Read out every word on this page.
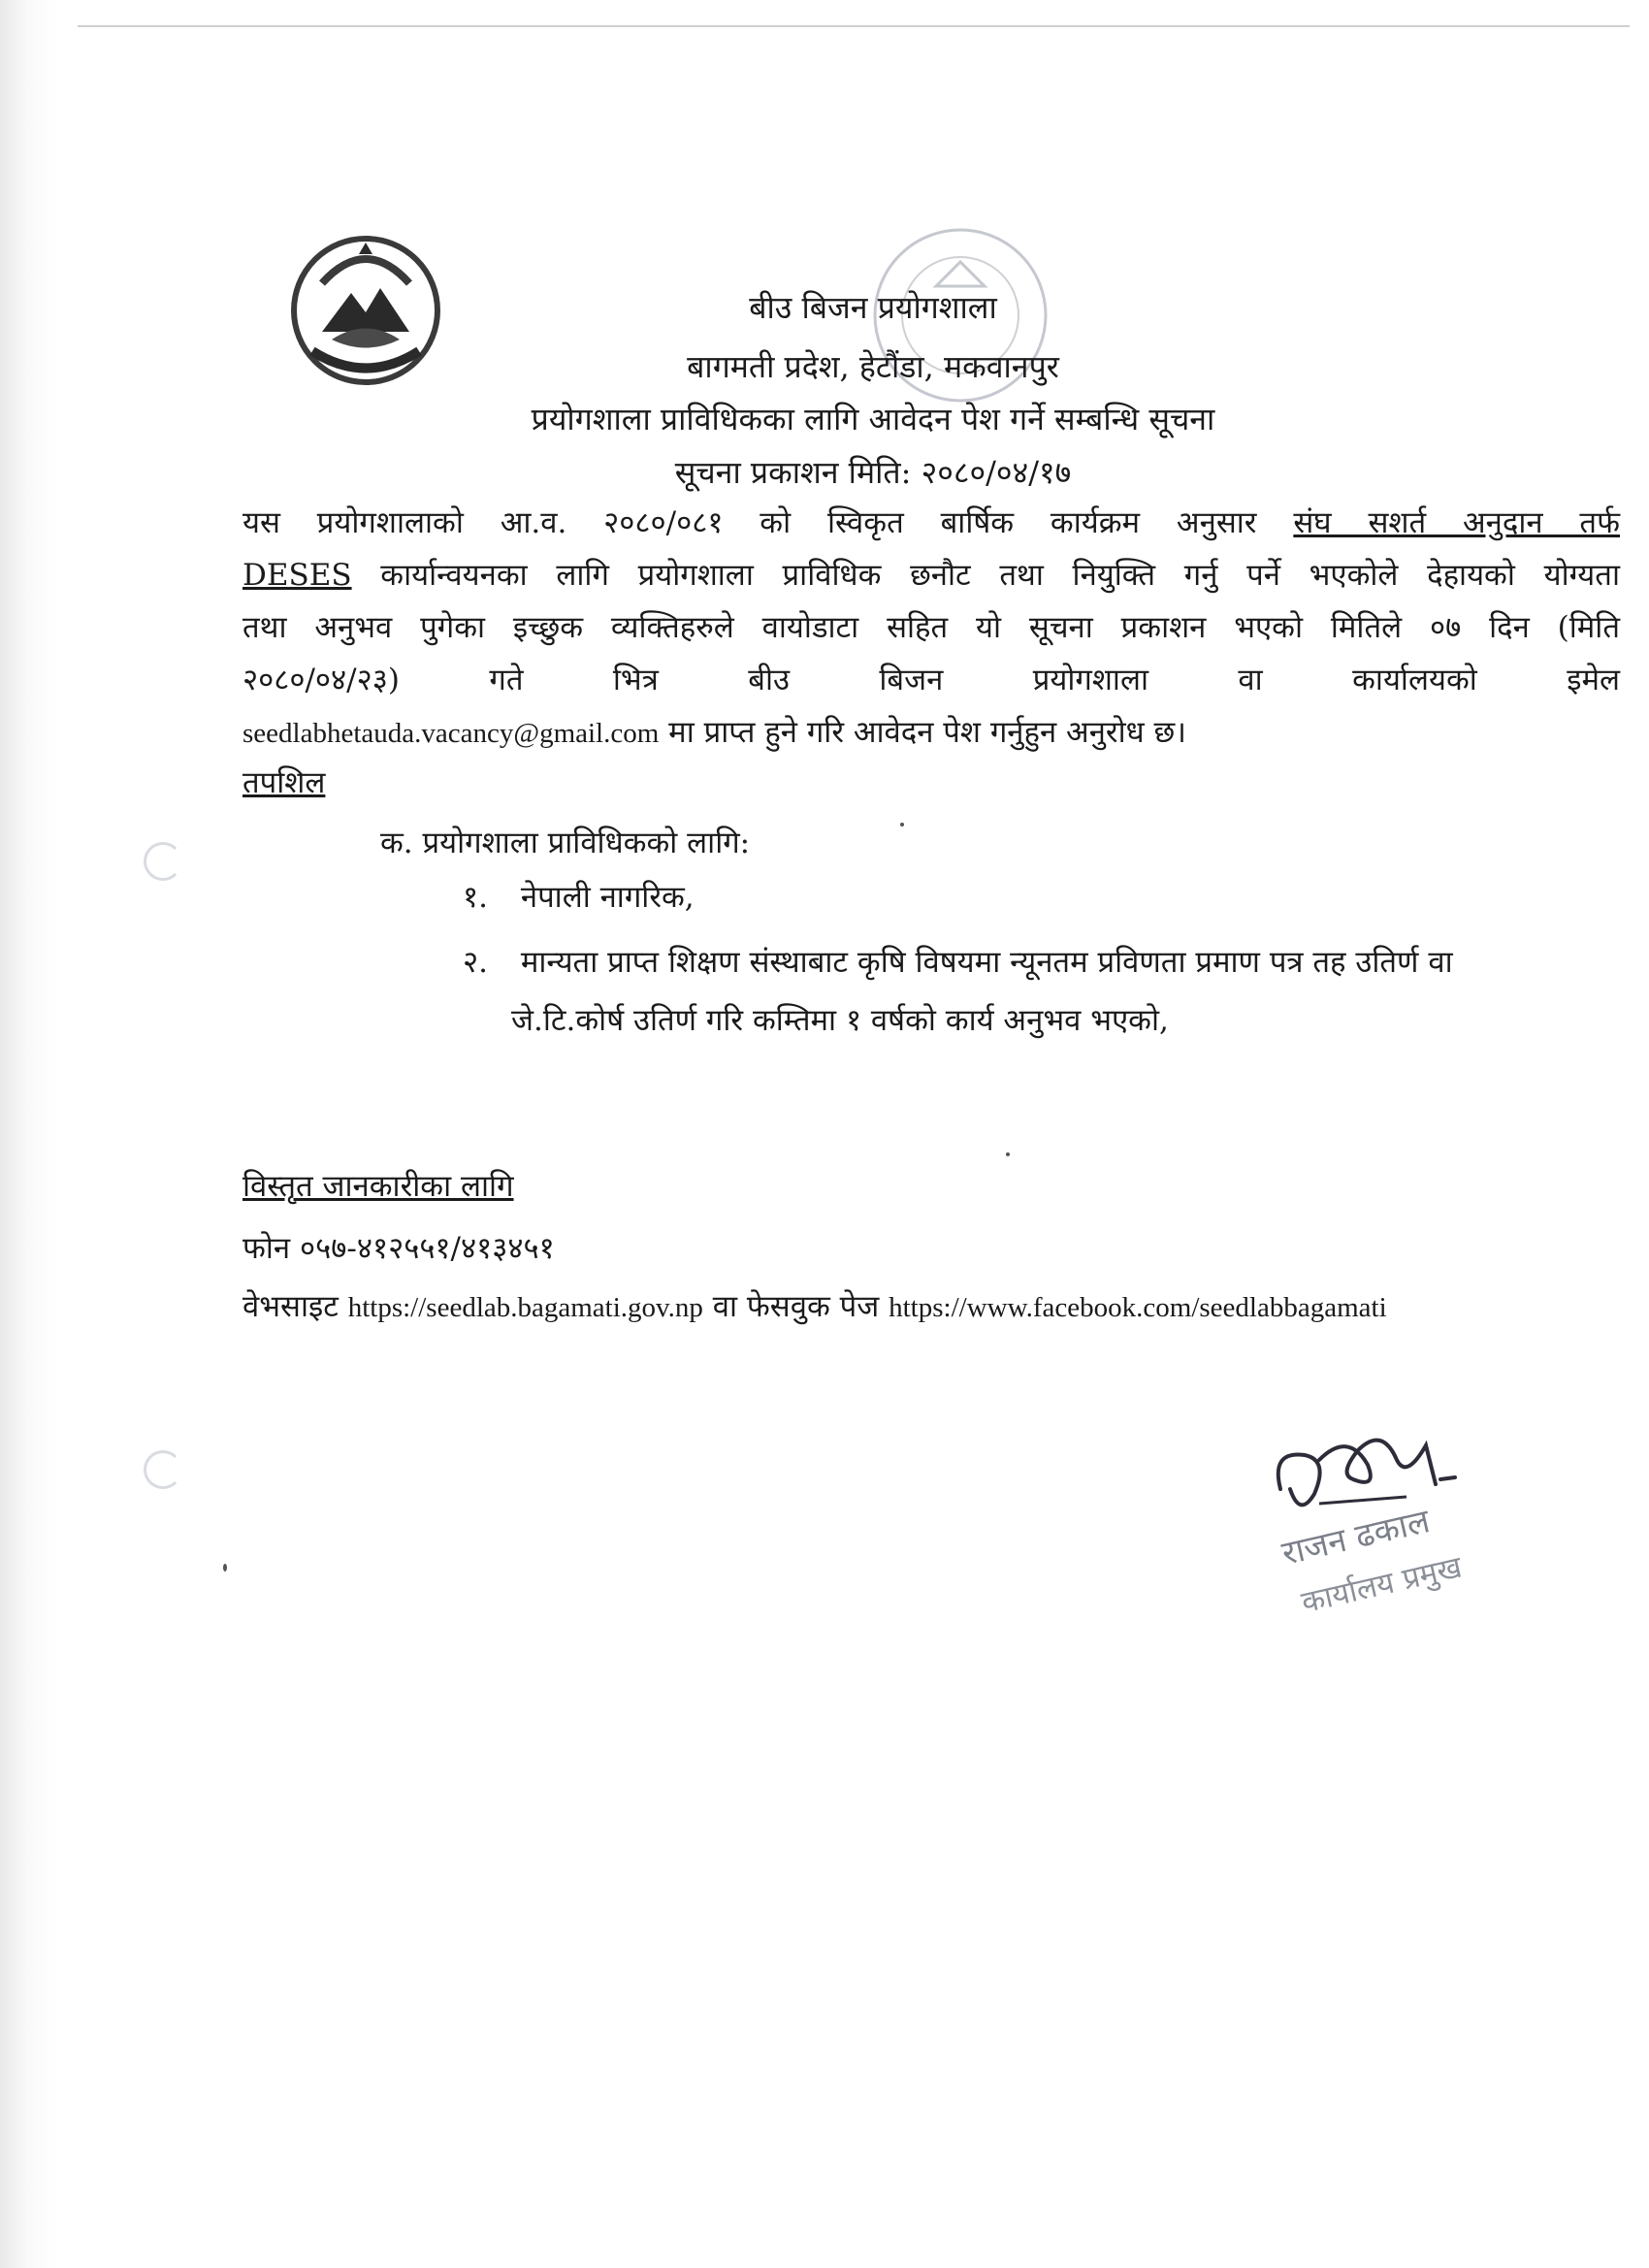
बीउ बिजन प्रयोगशाला
बागमती प्रदेश, हेटौंडा, मकवानपुर
प्रयोगशाला प्राविधिकका लागि आवेदन पेश गर्ने सम्बन्धि सूचना
सूचना प्रकाशन मिति: २०८०/०४/१७
यस प्रयोगशालाको आ.व. २०८०/०८१ को स्विकृत बार्षिक कार्यक्रम अनुसार संघ सशर्त अनुदान तर्फ
DESES कार्यान्वयनका लागि प्रयोगशाला प्राविधिक छनौट तथा नियुक्ति गर्नु पर्ने भएकोले देहायको योग्यता
तथा अनुभव पुगेका इच्छुक व्यक्तिहरुले वायोडाटा सहित यो सूचना प्रकाशन भएको मितिले ०७ दिन (मिति
२०८०/०४/२३) गते भित्र बीउ बिजन प्रयोगशाला वा कार्यालयको इमेल
seedlabhetauda.vacancy@gmail.com मा प्राप्त हुने गरि आवेदन पेश गर्नुहुन अनुरोध छ।
तपशिल
क. प्रयोगशाला प्राविधिकको लागि:
१. नेपाली नागरिक,
२. मान्यता प्राप्त शिक्षण संस्थाबाट कृषि विषयमा न्यूनतम प्रविणता प्रमाण पत्र तह उतिर्ण वा
जे.टि.कोर्ष उतिर्ण गरि कम्तिमा १ वर्षको कार्य अनुभव भएको,
विस्तृत जानकारीका लागि
फोन ०५७-४१२५५१/४१३४५१
वेभसाइट https://seedlab.bagamati.gov.np वा फेसवुक पेज https://www.facebook.com/seedlabbagamati
राजन ढकाल
कार्यालय प्रमुख
